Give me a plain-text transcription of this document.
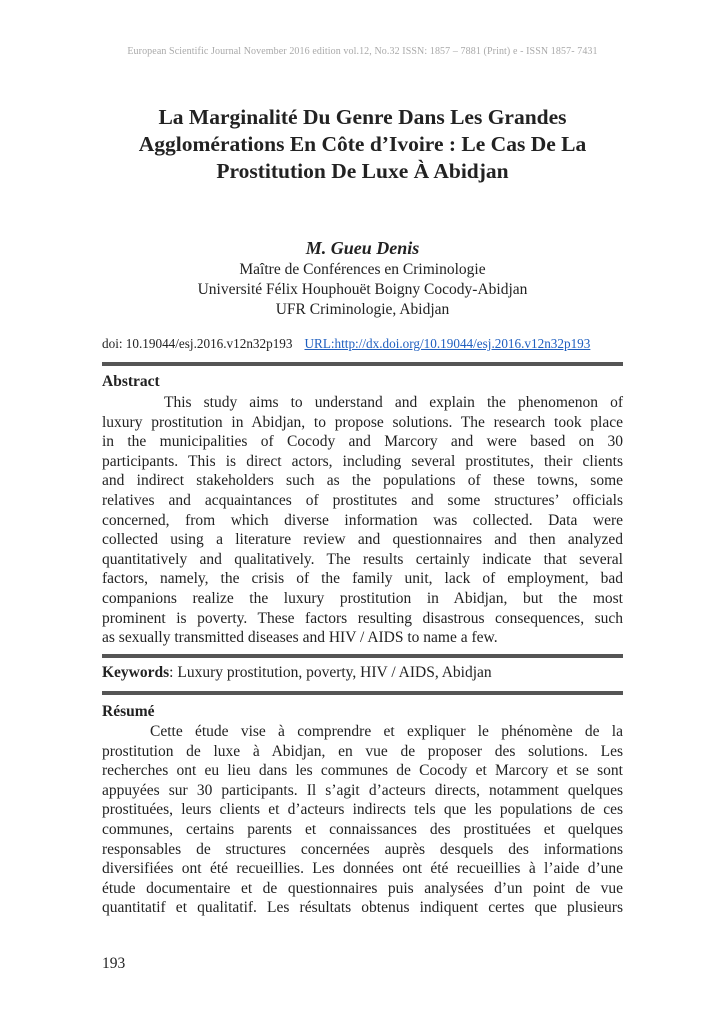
European Scientific Journal November 2016 edition vol.12, No.32 ISSN: 1857 – 7881 (Print) e - ISSN 1857- 7431
La Marginalité Du Genre Dans Les Grandes
Agglomérations En Côte d’Ivoire : Le Cas De La
Prostitution De Luxe À Abidjan
M. Gueu Denis
Maître de Conférences en Criminologie
Université Félix Houphouët Boigny Cocody-Abidjan
UFR Criminologie, Abidjan
doi: 10.19044/esj.2016.v12n32p193 URL:http://dx.doi.org/10.19044/esj.2016.v12n32p193
Abstract
This study aims to understand and explain the phenomenon of
luxury prostitution in Abidjan, to propose solutions. The research took place
in the municipalities of Cocody and Marcory and were based on 30
participants. This is direct actors, including several prostitutes, their clients
and indirect stakeholders such as the populations of these towns, some
relatives and acquaintances of prostitutes and some structures’ officials
concerned, from which diverse information was collected. Data were
collected using a literature review and questionnaires and then analyzed
quantitatively and qualitatively. The results certainly indicate that several
factors, namely, the crisis of the family unit, lack of employment, bad
companions realize the luxury prostitution in Abidjan, but the most
prominent is poverty. These factors resulting disastrous consequences, such
as sexually transmitted diseases and HIV / AIDS to name a few.
Keywords: Luxury prostitution, poverty, HIV / AIDS, Abidjan
Résumé
Cette étude vise à comprendre et expliquer le phénomène de la
prostitution de luxe à Abidjan, en vue de proposer des solutions. Les
recherches ont eu lieu dans les communes de Cocody et Marcory et se sont
appuyées sur 30 participants. Il s’agit d’acteurs directs, notamment quelques
prostituées, leurs clients et d’acteurs indirects tels que les populations de ces
communes, certains parents et connaissances des prostituées et quelques
responsables de structures concernées auprès desquels des informations
diversifiées ont été recueillies. Les données ont été recueillies à l’aide d’une
étude documentaire et de questionnaires puis analysées d’un point de vue
quantitatif et qualitatif. Les résultats obtenus indiquent certes que plusieurs
193
